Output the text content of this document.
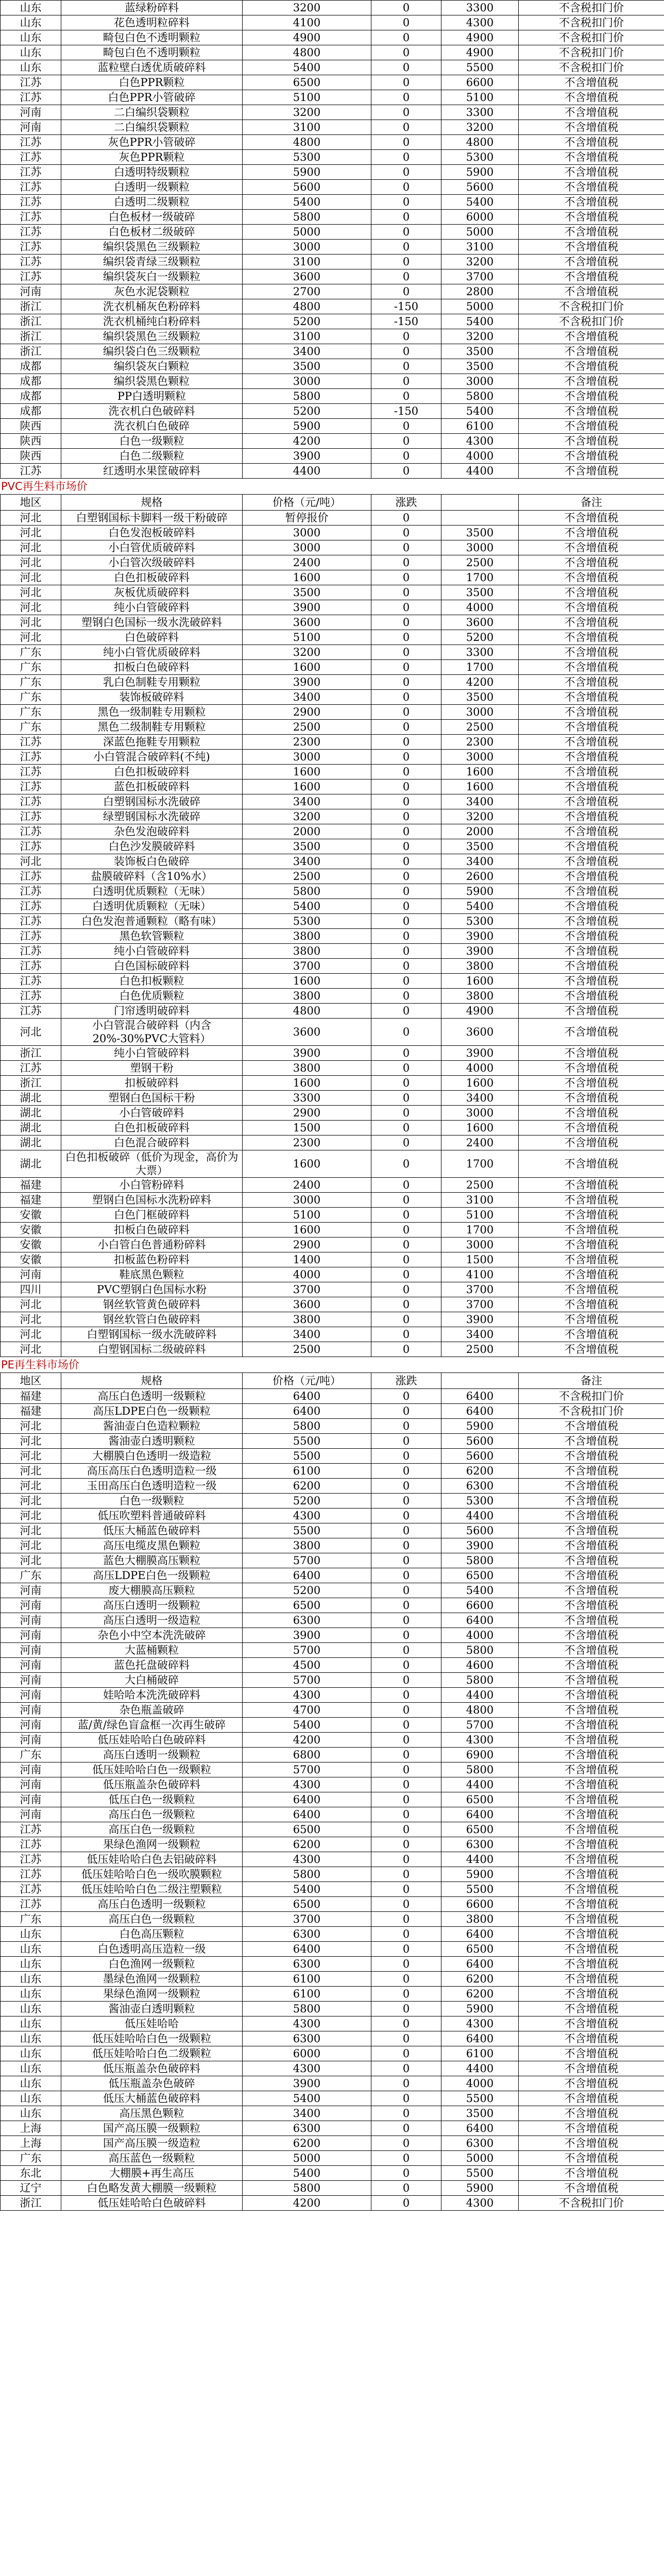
山东	蓝绿粉碎料	3200	0	3300	不含税扣门价
山东	花色透明粒碎料	4100	0	4300	不含税扣门价
山东	畸包白色不透明颗粒	4900	0	4900	不含税扣门价
山东	畸包白色不透明颗粒	4800	0	4900	不含税扣门价
山东	蓝粒壁白透优质破碎料	5400	0	5500	不含税扣门价
江苏	白色PPR颗粒	6500	0	6600	不含增值税
江苏	白色PPR小管破碎	5100	0	5100	不含增值税
河南	二白编织袋颗粒	3200	0	3300	不含增值税
河南	二白编织袋颗粒	3100	0	3200	不含增值税
江苏	灰色PPR小管破碎	4800	0	4800	不含增值税
江苏	灰色PPR颗粒	5300	0	5300	不含增值税
江苏	白透明特级颗粒	5900	0	5900	不含增值税
江苏	白透明一级颗粒	5600	0	5600	不含增值税
江苏	白透明二级颗粒	5400	0	5400	不含增值税
江苏	白色板材一级破碎	5800	0	6000	不含增值税
江苏	白色板材二级破碎	5000	0	5000	不含增值税
江苏	编织袋黑色三级颗粒	3000	0	3100	不含增值税
江苏	编织袋青绿三级颗粒	3100	0	3200	不含增值税
江苏	编织袋灰白一级颗粒	3600	0	3700	不含增值税
河南	灰色水泥袋颗粒	2700	0	2800	不含增值税
浙江	洗衣机桶灰色粉碎料	4800	-150	5000	不含税扣门价
浙江	洗衣机桶纯白粉碎料	5200	-150	5400	不含税扣门价
浙江	编织袋黑色三级颗粒	3100	0	3200	不含增值税
浙江	编织袋白色三级颗粒	3400	0	3500	不含增值税
成都	编织袋灰白颗粒	3500	0	3500	不含增值税
成都	编织袋黑色颗粒	3000	0	3000	不含增值税
成都	PP白透明颗粒	5800	0	5800	不含增值税
成都	洗衣机白色破碎料	5200	-150	5400	不含增值税
陕西	洗衣机白色破碎	5900	0	6100	不含增值税
陕西	白色一级颗粒	4200	0	4300	不含增值税
陕西	白色二级颗粒	3900	0	4000	不含增值税
江苏	红透明水果筐破碎料	4400	0	4400	不含增值税
PVC再生料市场价
地区	规格	价格（元/吨）	涨跌		备注
河北	白塑钢国标卡脚料一级干粉破碎	暂停报价	0		不含增值税
河北	白色发泡板破碎料	3000	0	3500	不含增值税
河北	小白管优质破碎料	3000	0	3000	不含增值税
河北	小白管次级破碎料	2400	0	2500	不含增值税
河北	白色扣板破碎料	1600	0	1700	不含增值税
河北	灰板优质破碎料	3500	0	3500	不含增值税
河北	纯小白管破碎料	3900	0	4000	不含增值税
河北	塑钢白色国标一级水洗破碎料	3600	0	3600	不含增值税
河北	白色破碎料	5100	0	5200	不含增值税
广东	纯小白管优质破碎料	3200	0	3300	不含增值税
广东	扣板白色破碎料	1600	0	1700	不含增值税
广东	乳白色制鞋专用颗粒	3900	0	4200	不含增值税
广东	装饰板破碎料	3400	0	3500	不含增值税
广东	黑色一级制鞋专用颗粒	2900	0	3000	不含增值税
广东	黑色二级制鞋专用颗粒	2500	0	2500	不含增值税
江苏	深蓝色拖鞋专用颗粒	2300	0	2300	不含增值税
江苏	小白管混合破碎料(不纯)	3000	0	3000	不含增值税
江苏	白色扣板破碎料	1600	0	1600	不含增值税
江苏	蓝色扣板破碎料	1600	0	1600	不含增值税
江苏	白塑钢国标水洗破碎	3400	0	3400	不含增值税
江苏	绿塑钢国标水洗破碎	3200	0	3200	不含增值税
江苏	杂色发泡破碎料	2000	0	2000	不含增值税
江苏	白色沙发膜破碎料	3500	0	3500	不含增值税
河北	装饰板白色破碎	3400	0	3400	不含增值税
江苏	盐膜破碎料（含10%水）	2500	0	2600	不含增值税
江苏	白透明优质颗粒（无味）	5800	0	5900	不含增值税
江苏	白透明优质颗粒（无味）	5400	0	5400	不含增值税
江苏	白色发泡普通颗粒（略有味）	5300	0	5300	不含增值税
江苏	黑色软管颗粒	3800	0	3900	不含增值税
江苏	纯小白管破碎料	3800	0	3900	不含增值税
江苏	白色国标破碎料	3700	0	3800	不含增值税
江苏	白色扣板颗粒	1600	0	1600	不含增值税
江苏	白色优质颗粒	3800	0	3800	不含增值税
江苏	门帘透明破碎料	4800	0	4900	不含增值税
河北	小白管混合破碎料（内含20%-30%PVC大管料）	3600	0	3600	不含增值税
浙江	纯小白管破碎料	3900	0	3900	不含增值税
江苏	塑钢干粉	3800	0	4000	不含增值税
浙江	扣板破碎料	1600	0	1600	不含增值税
湖北	塑钢白色国标干粉	3300	0	3400	不含增值税
湖北	小白管破碎料	2900	0	3000	不含增值税
湖北	白色扣板破碎料	1500	0	1600	不含增值税
湖北	白色混合破碎料	2300	0	2400	不含增值税
湖北	白色扣板破碎（低价为现金，高价为大票）	1600	0	1700	不含增值税
福建	小白管粉碎料	2400	0	2500	不含增值税
福建	塑钢白色国标水洗粉碎料	3000	0	3100	不含增值税
安徽	白色门框破碎料	5100	0	5100	不含增值税
安徽	扣板白色破碎料	1600	0	1700	不含增值税
安徽	小白管白色普通粉碎料	2900	0	3000	不含增值税
安徽	扣板蓝色粉碎料	1400	0	1500	不含增值税
河南	鞋底黑色颗粒	4000	0	4100	不含增值税
四川	PVC塑钢白色国标水粉	3700	0	3700	不含增值税
河北	钢丝软管黄色破碎料	3600	0	3700	不含增值税
河北	钢丝软管白色破碎料	3800	0	3900	不含增值税
河北	白塑钢国标一级水洗破碎料	3400	0	3400	不含增值税
河北	白塑钢国标二级破碎料	2500	0	2500	不含增值税
PE再生料市场价
地区	规格	价格（元/吨）	涨跌		备注
福建	高压白色透明一级颗粒	6400	0	6400	不含税扣门价
福建	高压LDPE白色一级颗粒	6400	0	6400	不含税扣门价
河北	酱油壶白色造粒颗粒	5800	0	5900	不含增值税
河北	酱油壶白透明颗粒	5500	0	5600	不含增值税
河北	大棚膜白色透明一级造粒	5500	0	5600	不含增值税
河北	高压高压白色透明造粒一级	6100	0	6200	不含增值税
河北	玉田高压白色透明造粒一级	6200	0	6300	不含增值税
河北	白色一级颗粒	5200	0	5300	不含增值税
河北	低压吹塑料普通破碎料	4300	0	4400	不含增值税
河北	低压大桶蓝色破碎料	5500	0	5600	不含增值税
河北	高压电缆皮黑色颗粒	3800	0	3900	不含增值税
河北	蓝色大棚膜高压颗粒	5700	0	5800	不含增值税
广东	高压LDPE白色一级颗粒	6400	0	6500	不含增值税
河南	废大棚膜高压颗粒	5200	0	5400	不含增值税
河南	高压白透明一级颗粒	6500	0	6600	不含增值税
河南	高压白透明一级造粒	6300	0	6400	不含增值税
河南	杂色小中空本洗洗破碎	3900	0	4000	不含增值税
河南	大蓝桶颗粒	5700	0	5800	不含增值税
河南	蓝色托盘破碎料	4500	0	4600	不含增值税
河南	大白桶破碎	5700	0	5800	不含增值税
河南	娃哈哈本洗洗破碎料	4300	0	4400	不含增值税
河南	杂色瓶盖破碎	4700	0	4800	不含增值税
河南	蓝/黄/绿色盲盒框一次再生破碎	5400	0	5700	不含增值税
河南	低压娃哈哈白色破碎料	4200	0	4300	不含增值税
广东	高压白透明一级颗粒	6800	0	6900	不含增值税
河南	低压娃哈哈白色一级颗粒	5700	0	5800	不含增值税
河南	低压瓶盖杂色破碎料	4300	0	4400	不含增值税
河南	低压白色一级颗粒	6400	0	6500	不含增值税
河南	高压白色一级颗粒	6400	0	6400	不含增值税
江苏	高压白色一级颗粒	6500	0	6500	不含增值税
江苏	果绿色渔网一级颗粒	6200	0	6300	不含增值税
江苏	低压娃哈哈白色去铝破碎料	4300	0	4400	不含增值税
江苏	低压娃哈哈白色一级吹膜颗粒	5800	0	5900	不含增值税
江苏	低压娃哈哈白色二级注塑颗粒	5400	0	5500	不含增值税
江苏	高压白色透明一级颗粒	6500	0	6600	不含增值税
广东	高压白色一级颗粒	3700	0	3800	不含增值税
山东	白色高压颗粒	6300	0	6400	不含增值税
山东	白色透明高压造粒一级	6400	0	6500	不含增值税
山东	白色渔网一级颗粒	6300	0	6400	不含增值税
山东	墨绿色渔网一级颗粒	6100	0	6200	不含增值税
山东	果绿色渔网一级颗粒	6100	0	6200	不含增值税
山东	酱油壶白透明颗粒	5800	0	5900	不含增值税
山东	低压娃哈哈	4300	0	4300	不含增值税
山东	低压娃哈哈白色一级颗粒	6300	0	6400	不含增值税
山东	低压娃哈哈白色二级颗粒	6000	0	6100	不含增值税
山东	低压瓶盖杂色破碎料	4300	0	4400	不含增值税
山东	低压瓶盖杂色破碎	3900	0	4000	不含增值税
山东	低压大桶蓝色破碎料	5400	0	5500	不含增值税
山东	高压黑色颗粒	3400	0	3500	不含增值税
上海	国产高压膜一级颗粒	6300	0	6400	不含增值税
上海	国产高压膜一级造粒	6200	0	6300	不含增值税
广东	高压蓝色一级颗粒	5000	0	5000	不含增值税
东北	大棚膜+再生高压	5400	0	5500	不含增值税
辽宁	白色略发黄大棚膜一级颗粒	5800	0	5900	不含增值税
浙江	低压娃哈哈白色破碎料	4200	0	4300	不含税扣门价
